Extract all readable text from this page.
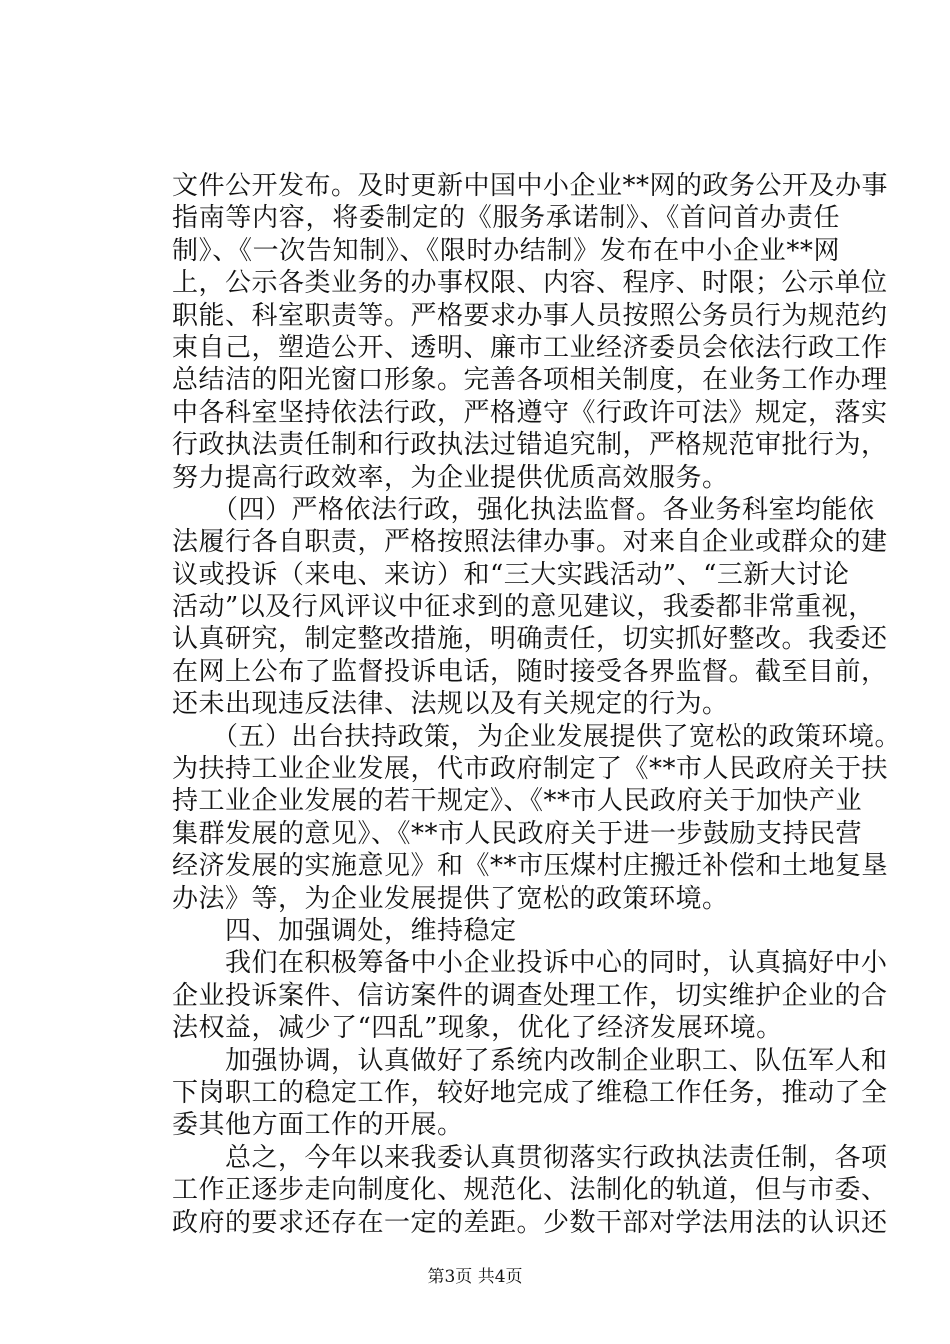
文件公开发布。及时更新中国中小企业**网的政务公开及办事
指南等内容，将委制定的《服务承诺制》、《首问首办责任
制》、《一次告知制》、《限时办结制》发布在中小企业**网
上，公示各类业务的办事权限、内容、程序、时限；公示单位
职能、科室职责等。严格要求办事人员按照公务员行为规范约
束自己，塑造公开、透明、廉市工业经济委员会依法行政工作
总结洁的阳光窗口形象。完善各项相关制度，在业务工作办理
中各科室坚持依法行政，严格遵守《行政许可法》规定，落实
行政执法责任制和行政执法过错追究制，严格规范审批行为，
努力提高行政效率，为企业提供优质高效服务。
　　（四）严格依法行政，强化执法监督。各业务科室均能依
法履行各自职责，严格按照法律办事。对来自企业或群众的建
议或投诉（来电、来访）和“三大实践活动”、“三新大讨论
活动”以及行风评议中征求到的意见建议，我委都非常重视，
认真研究，制定整改措施，明确责任，切实抓好整改。我委还
在网上公布了监督投诉电话，随时接受各界监督。截至目前，
还未出现违反法律、法规以及有关规定的行为。
　　（五）出台扶持政策，为企业发展提供了宽松的政策环境。
为扶持工业企业发展，代市政府制定了《**市人民政府关于扶
持工业企业发展的若干规定》、《**市人民政府关于加快产业
集群发展的意见》、《**市人民政府关于进一步鼓励支持民营
经济发展的实施意见》和《**市压煤村庄搬迁补偿和土地复垦
办法》等，为企业发展提供了宽松的政策环境。
　　四、加强调处，维持稳定
　　我们在积极筹备中小企业投诉中心的同时，认真搞好中小
企业投诉案件、信访案件的调查处理工作，切实维护企业的合
法权益，减少了“四乱”现象，优化了经济发展环境。
　　加强协调，认真做好了系统内改制企业职工、队伍军人和
下岗职工的稳定工作，较好地完成了维稳工作任务，推动了全
委其他方面工作的开展。
　　总之，今年以来我委认真贯彻落实行政执法责任制，各项
工作正逐步走向制度化、规范化、法制化的轨道，但与市委、
政府的要求还存在一定的差距。少数干部对学法用法的认识还
第3页 共4页
